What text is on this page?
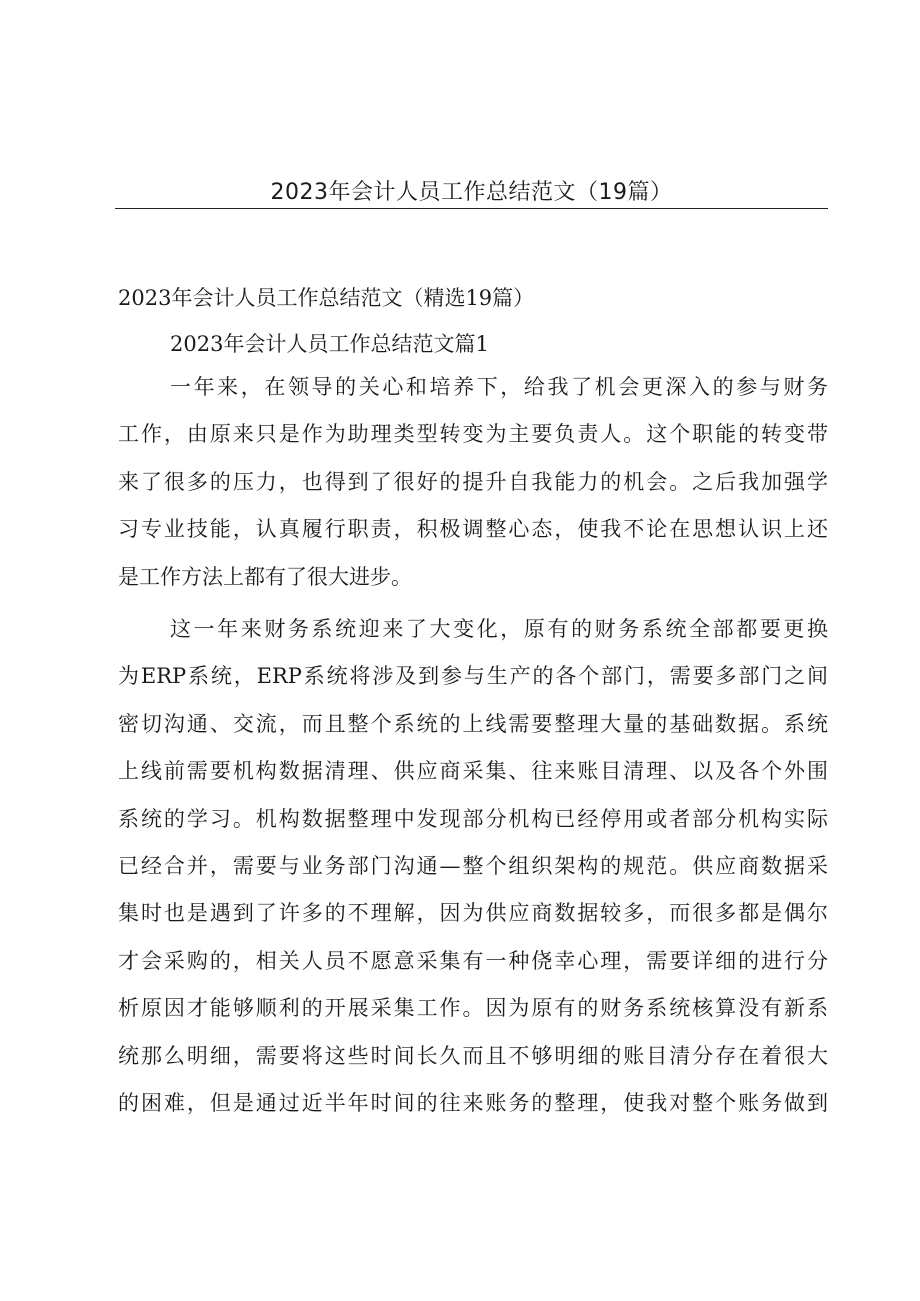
2023年会计人员工作总结范文（19篇）
2023年会计人员工作总结范文（精选19篇）
2023年会计人员工作总结范文篇1
一年来，在领导的关心和培养下，给我了机会更深入的参与财务
工作，由原来只是作为助理类型转变为主要负责人。这个职能的转变带
来了很多的压力，也得到了很好的提升自我能力的机会。之后我加强学
习专业技能，认真履行职责，积极调整心态，使我不论在思想认识上还
是工作方法上都有了很大进步。
这一年来财务系统迎来了大变化，原有的财务系统全部都要更换
为ERP系统，ERP系统将涉及到参与生产的各个部门，需要多部门之间
密切沟通、交流，而且整个系统的上线需要整理大量的基础数据。系统
上线前需要机构数据清理、供应商采集、往来账目清理、以及各个外围
系统的学习。机构数据整理中发现部分机构已经停用或者部分机构实际
已经合并，需要与业务部门沟通—整个组织架构的规范。供应商数据采
集时也是遇到了许多的不理解，因为供应商数据较多，而很多都是偶尔
才会采购的，相关人员不愿意采集有一种侥幸心理，需要详细的进行分
析原因才能够顺利的开展采集工作。因为原有的财务系统核算没有新系
统那么明细，需要将这些时间长久而且不够明细的账目清分存在着很大
的困难，但是通过近半年时间的往来账务的整理，使我对整个账务做到
